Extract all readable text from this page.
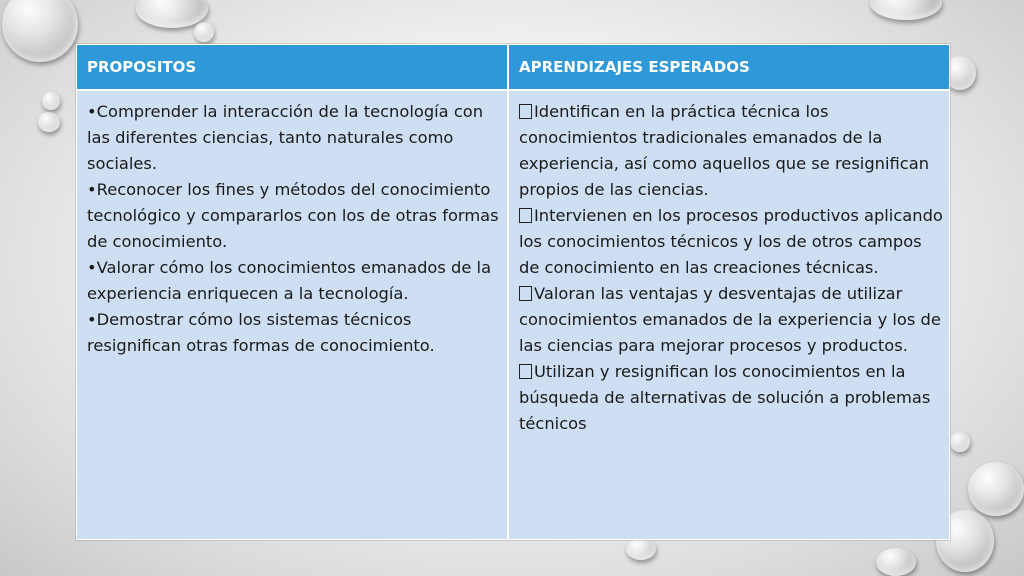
PROPOSITOS	APRENDIZAJES ESPERADOS

•Comprender la interacción de la tecnología con las diferentes ciencias, tanto naturales como sociales.

•Reconocer los fines y métodos del conocimiento tecnológico y compararlos con los de otras formas de conocimiento.

•Valorar cómo los conocimientos emanados de la experiencia enriquecen a la tecnología.

•Demostrar cómo los sistemas técnicos resignifican otras formas de conocimiento.

Identifican en la práctica técnica los conocimientos tradicionales emanados de la experiencia, así como aquellos que se resignifican propios de las ciencias.

Intervienen en los procesos productivos aplicando los conocimientos técnicos y los de otros campos de conocimiento en las creaciones técnicas.

Valoran las ventajas y desventajas de utilizar conocimientos emanados de la experiencia y los de las ciencias para mejorar procesos y productos.

Utilizan y resignifican los conocimientos en la búsqueda de alternativas de solución a problemas técnicos
